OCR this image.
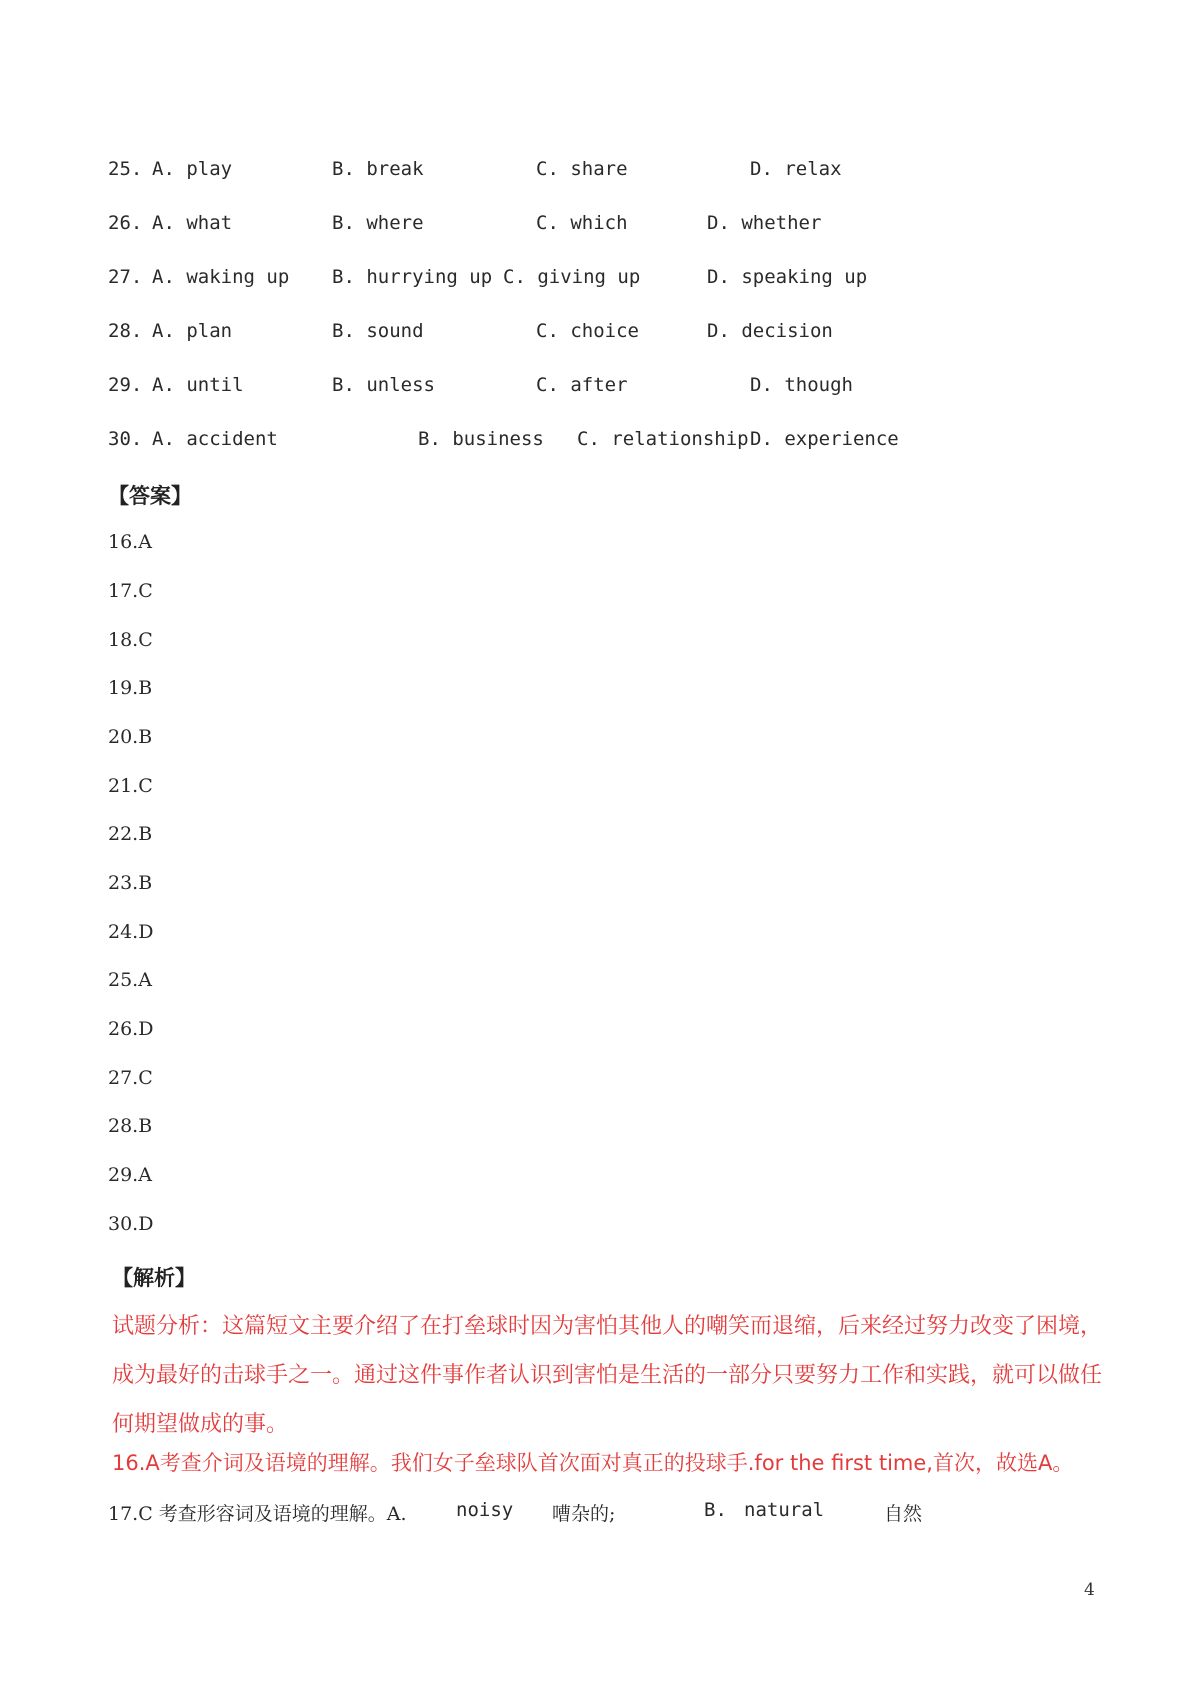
25. A. play	B. break	C. share	D. relax
26. A. what	B. where	C. which	D. whether
27. A. waking up B. hurrying up C. giving up	D. speaking up
28. A. plan	B. sound	C. choice	D. decision
29. A. until	B. unless	C. after	D. though
30. A. accident	B. business C. relationship D. experience
【答案】
16.A
17.C
18.C
19.B
20.B
21.C
22.B
23.B
24.D
25.A
26.D
27.C
28.B
29.A
30.D
【解析】
试题分析：这篇短文主要介绍了在打垒球时因为害怕其他人的嘲笑而退缩，后来经过努力改变了困境，成为最好的击球手之一。通过这件事作者认识到害怕是生活的一部分只要努力工作和实践，就可以做任何期望做成的事。
16.A考查介词及语境的理解。我们女子垒球队首次面对真正的投球手.for the first time,首次，故选A。
17.C 考查形容词及语境的理解。A.	noisy 嘈杂的;	B. natural	自然
4
